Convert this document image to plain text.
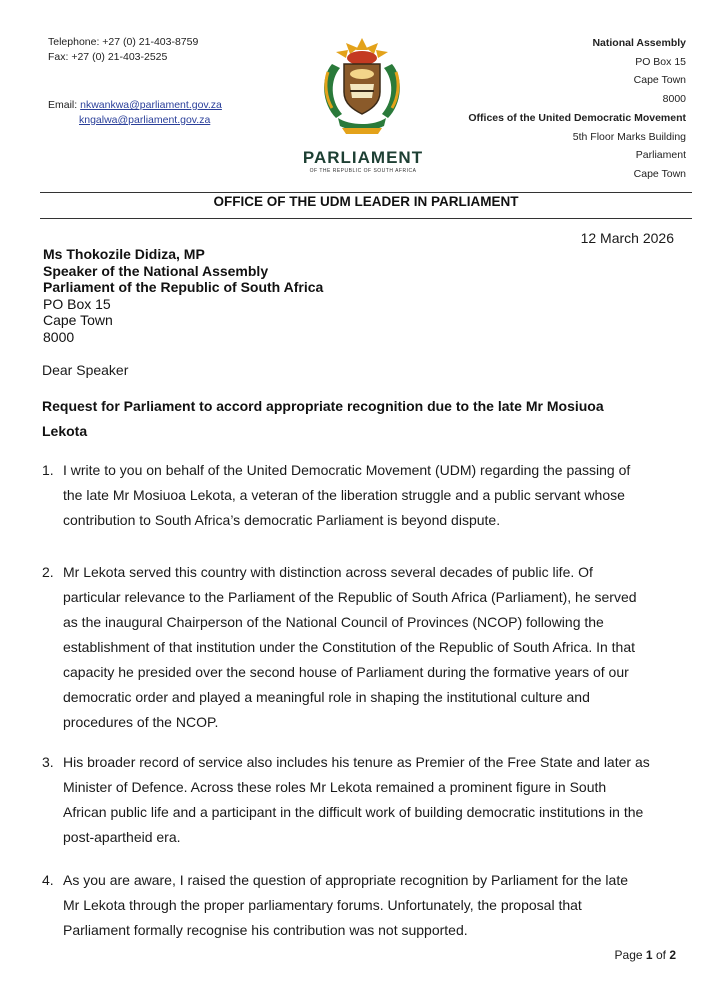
Telephone: +27 (0) 21-403-8759
Fax: +27 (0) 21-403-2525
Email: nkwankwa@parliament.gov.za
kngalwa@parliament.gov.za
PARLIAMENT
OF THE REPUBLIC OF SOUTH AFRICA
National Assembly
PO Box 15
Cape Town
8000
Offices of the United Democratic Movement
5th Floor Marks Building
Parliament
Cape Town
OFFICE OF THE UDM LEADER IN PARLIAMENT
12 March 2026
Ms Thokozile Didiza, MP
Speaker of the National Assembly
Parliament of the Republic of South Africa
PO Box 15
Cape Town
8000
Dear Speaker
Request for Parliament to accord appropriate recognition due to the late Mr Mosiuoa
Lekota
1. I write to you on behalf of the United Democratic Movement (UDM) regarding the passing of
the late Mr Mosiuoa Lekota, a veteran of the liberation struggle and a public servant whose
contribution to South Africa’s democratic Parliament is beyond dispute.
2. Mr Lekota served this country with distinction across several decades of public life. Of
particular relevance to the Parliament of the Republic of South Africa (Parliament), he served
as the inaugural Chairperson of the National Council of Provinces (NCOP) following the
establishment of that institution under the Constitution of the Republic of South Africa. In that
capacity he presided over the second house of Parliament during the formative years of our
democratic order and played a meaningful role in shaping the institutional culture and
procedures of the NCOP.
3. His broader record of service also includes his tenure as Premier of the Free State and later as
Minister of Defence. Across these roles Mr Lekota remained a prominent figure in South
African public life and a participant in the difficult work of building democratic institutions in the
post-apartheid era.
4. As you are aware, I raised the question of appropriate recognition by Parliament for the late
Mr Lekota through the proper parliamentary forums. Unfortunately, the proposal that
Parliament formally recognise his contribution was not supported.
Page 1 of 2
